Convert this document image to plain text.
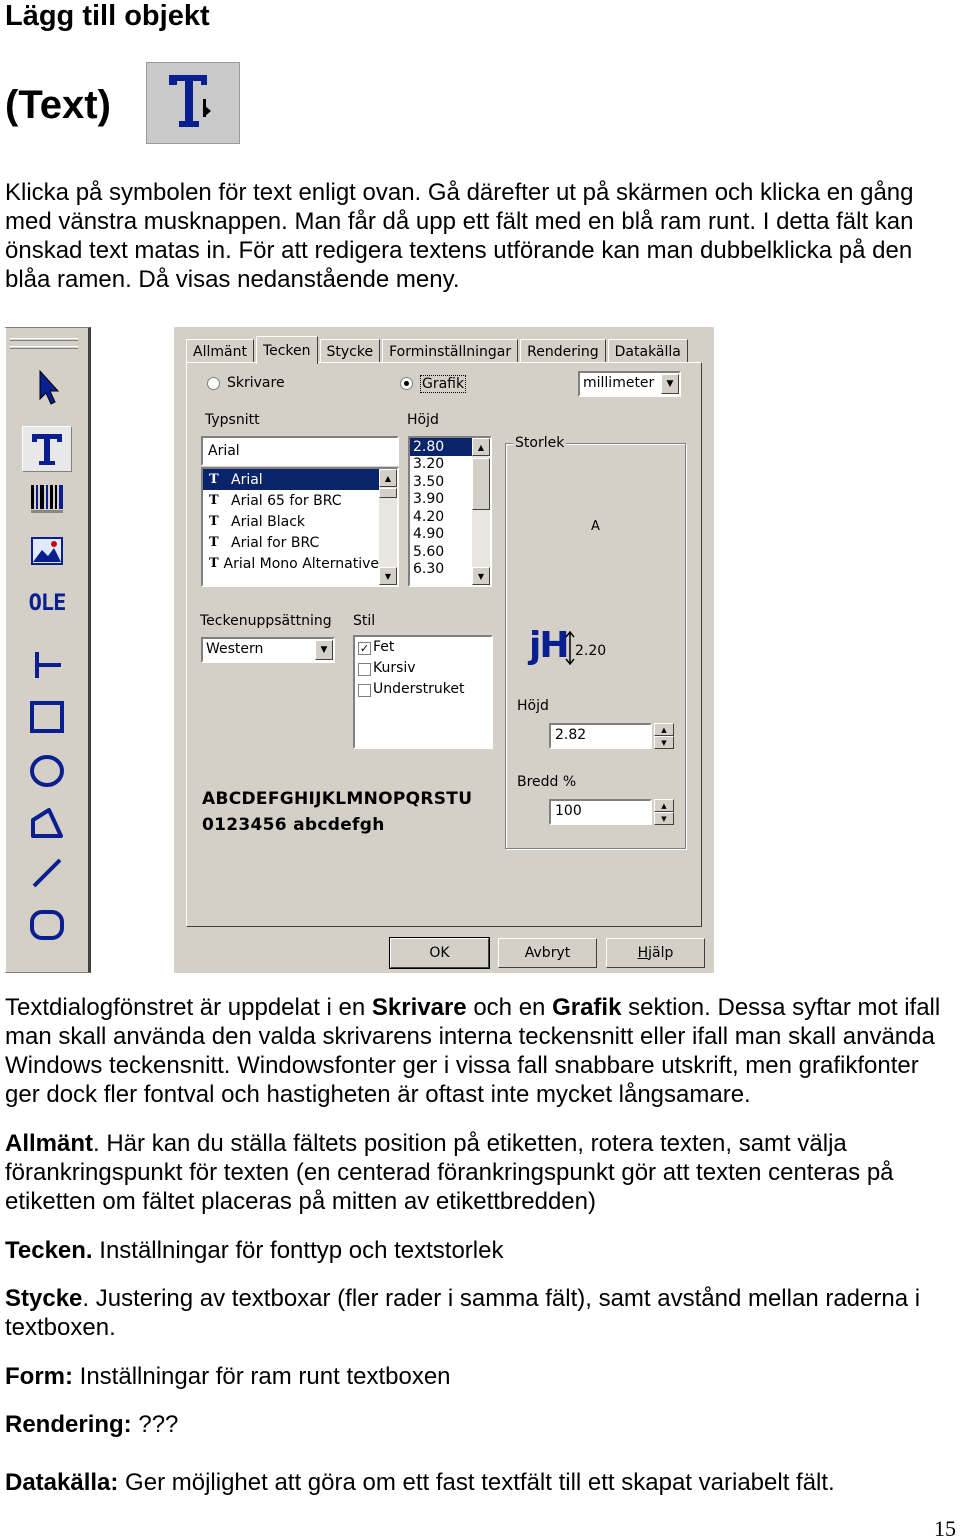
Lägg till objekt
(Text)
Klicka på symbolen för text enligt ovan. Gå därefter ut på skärmen och klicka en gång med vänstra musknappen. Man får då upp ett fält med en blå ram runt. I detta fält kan önskad text matas in. För att redigera textens utförande kan man dubbelklicka på den blåa ramen. Då visas nedanstående meny.
OLE
Allmänt	Tecken	Stycke	Forminställningar	Rendering	Datakälla
Skrivare	Grafik	millimeter	▼
Typsnitt
Arial
T Arial
T Arial 65 for BRC
T Arial Black
T Arial for BRC
T Arial Mono Alternative
▲
▼
Höjd
2.80
3.20
3.50
3.90
4.20
4.90
5.60
6.30
▲
▼
Storlek
A
jH 2.20
Höjd
2.82	▲
▼
Bredd %
100	▲
▼
Teckenuppsättning
Western	▼
Stil
✓ Fet
Kursiv
Understruket
ABCDEFGHIJKLMNOPQRSTU
0123456 abcdefgh
OK	Avbryt	H jälp
Textdialogfönstret är uppdelat i en Skrivare och en Grafik sektion. Dessa syftar mot ifall man skall använda den valda skrivarens interna teckensnitt eller ifall man skall använda Windows teckensnitt. Windowsfonter ger i vissa fall snabbare utskrift, men grafikfonter ger dock fler fontval och hastigheten är oftast inte mycket långsamare.
Allmänt. Här kan du ställa fältets position på etiketten, rotera texten, samt välja förankringspunkt för texten (en centerad förankringspunkt gör att texten centeras på etiketten om fältet placeras på mitten av etikettbredden)
Tecken. Inställningar för fonttyp och textstorlek
Stycke. Justering av textboxar (fler rader i samma fält), samt avstånd mellan raderna i textboxen.
Form: Inställningar för ram runt textboxen
Rendering: ???
Datakälla: Ger möjlighet att göra om ett fast textfält till ett skapat variabelt fält.
15
